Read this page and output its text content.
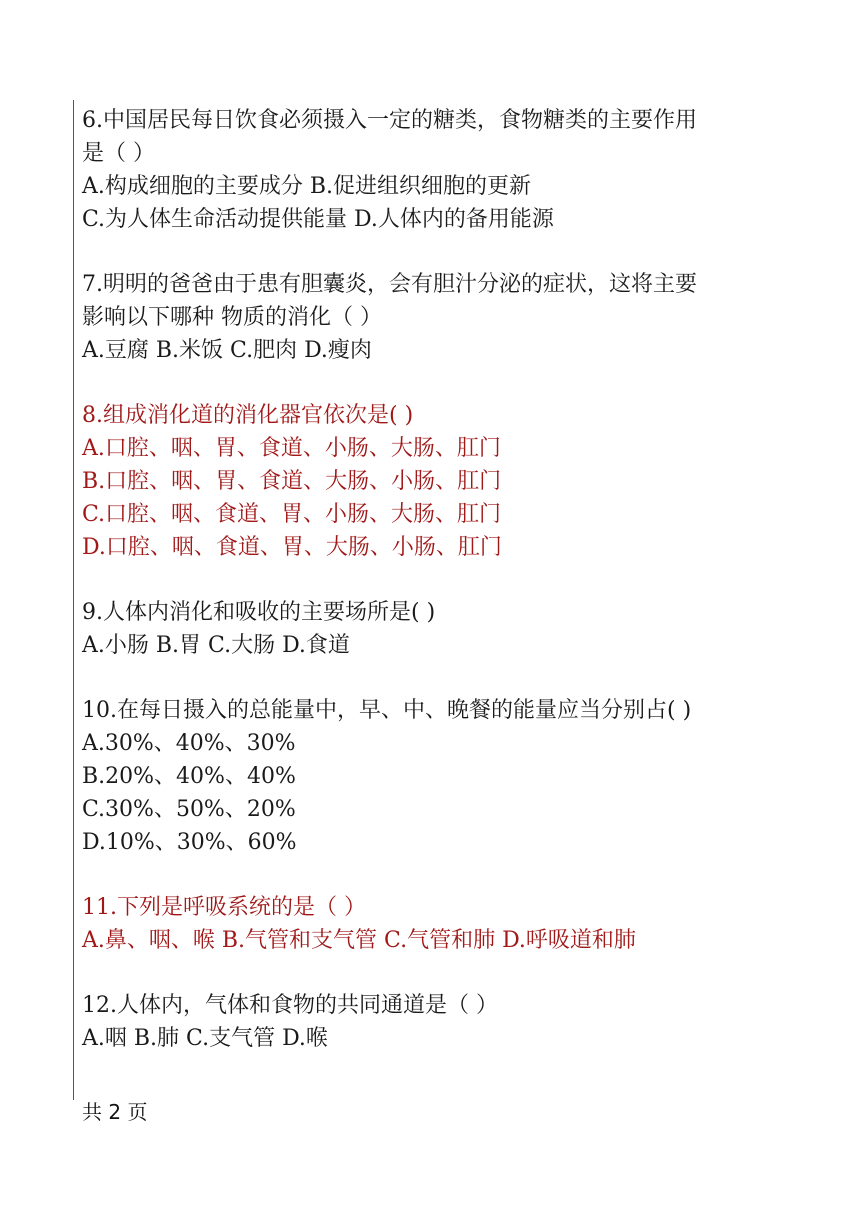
6.中国居民每日饮食必须摄入一定的糖类，食物糖类的主要作用
是（ ）
A.构成细胞的主要成分 B.促进组织细胞的更新
C.为人体生命活动提供能量 D.人体内的备用能源
7.明明的爸爸由于患有胆囊炎，会有胆汁分泌的症状，这将主要
影响以下哪种 物质的消化（ ）
A.豆腐 B.米饭 C.肥肉 D.瘦肉
8.组成消化道的消化器官依次是( )
A.口腔、咽、胃、食道、小肠、大肠、肛门
B.口腔、咽、胃、食道、大肠、小肠、肛门
C.口腔、咽、食道、胃、小肠、大肠、肛门
D.口腔、咽、食道、胃、大肠、小肠、肛门
9.人体内消化和吸收的主要场所是( )
A.小肠 B.胃 C.大肠 D.食道
10.在每日摄入的总能量中，早、中、晚餐的能量应当分别占( )
A.30%、40%、30%
B.20%、40%、40%
C.30%、50%、20%
D.10%、30%、60%
11.下列是呼吸系统的是（ ）
A.鼻、咽、喉 B.气管和支气管 C.气管和肺 D.呼吸道和肺
12.人体内，气体和食物的共同通道是（ ）
A.咽 B.肺 C.支气管 D.喉
共 2 页
